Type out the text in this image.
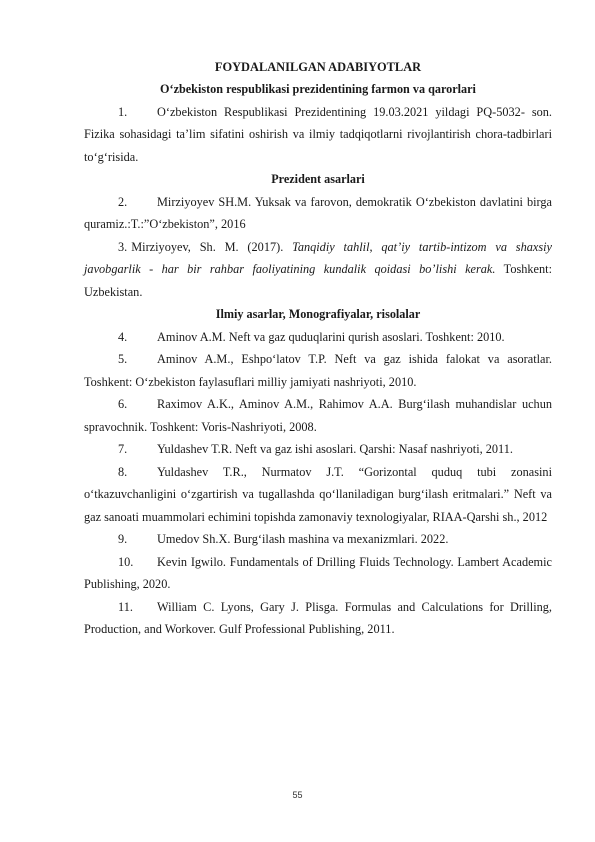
FOYDALANILGAN ADABIYOTLAR

O‘zbekiston respublikasi prezidentining farmon va qarorlari

1. O‘zbekiston Respublikasi Prezidentining 19.03.2021 yildagi PQ-5032- son. Fizika sohasidagi ta’lim sifatini oshirish va ilmiy tadqiqotlarni rivojlantirish chora-tadbirlari to‘g‘risida.

Prezident asarlari

2. Mirziyoyev SH.M. Yuksak va farovon, demokratik O‘zbekiston davlatini birga quramiz.:T.:”O‘zbekiston”, 2016

3. Mirziyoyev, Sh. M. (2017). Tanqidiy tahlil, qat’iy tartib-intizom va shaxsiy javobgarlik - har bir rahbar faoliyatining kundalik qoidasi bo’lishi kerak. Toshkent: Uzbekistan.

Ilmiy asarlar, Monografiyalar, risolalar

4. Aminov A.M. Neft va gaz quduqlarini qurish asoslari. Toshkent: 2010.

5. Aminov A.M., Eshpo‘latov T.P. Neft va gaz ishida falokat va asoratlar. Toshkent: O‘zbekiston faylasuflari milliy jamiyati nashriyoti, 2010.

6. Raximov A.K., Aminov A.M., Rahimov A.A. Burg‘ilash muhandislar uchun spravochnik. Toshkent: Voris-Nashriyoti, 2008.

7. Yuldashev T.R. Neft va gaz ishi asoslari. Qarshi: Nasaf nashriyoti, 2011.

8. Yuldashev T.R., Nurmatov J.T. “Gorizontal quduq tubi zonasini o‘tkazuvchanligini o‘zgartirish va tugallashda qo‘llaniladigan burg‘ilash eritmalari.” Neft va gaz sanoati muammolari echimini topishda zamonaviy texnologiyalar, RIAA-Qarshi sh., 2012

9. Umedov Sh.X. Burg‘ilash mashina va mexanizmlari. 2022.

10. Kevin Igwilo. Fundamentals of Drilling Fluids Technology. Lambert Academic Publishing, 2020.

11. William C. Lyons, Gary J. Plisga. Formulas and Calculations for Drilling, Production, and Workover. Gulf Professional Publishing, 2011.

55
